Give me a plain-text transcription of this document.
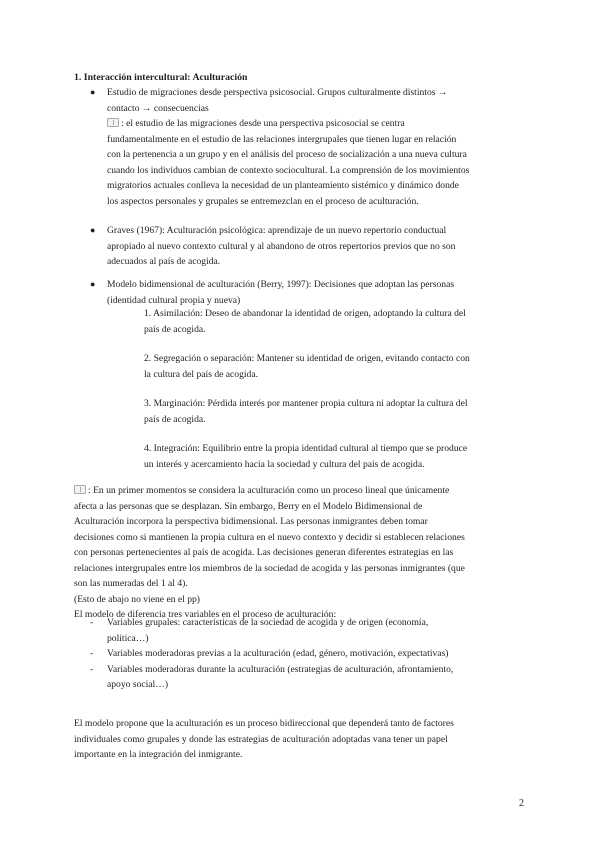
1. Interacción intercultural: Aculturación
● Estudio de migraciones desde perspectiva psicosocial. Grupos culturalmente distintos →
contacto → consecuencias
: el estudio de las migraciones desde una perspectiva psicosocial se centra
fundamentalmente en el estudio de las relaciones intergrupales que tienen lugar en relación
con la pertenencia a un grupo y en el análisis del proceso de socialización a una nueva cultura
cuando los individuos cambian de contexto sociocultural. La comprensión de los movimientos
migratorios actuales conlleva la necesidad de un planteamiento sistémico y dinámico donde
los aspectos personales y grupales se entremezclan en el proceso de aculturación.
● Graves (1967): Aculturación psicológica: aprendizaje de un nuevo repertorio conductual
apropiado al nuevo contexto cultural y al abandono de otros repertorios previos que no son
adecuados al país de acogida.
● Modelo bidimensional de aculturación (Berry, 1997): Decisiones que adoptan las personas
(identidad cultural propia y nueva)

1. Asimilación: Deseo de abandonar la identidad de origen, adoptando la cultura del
país de acogida.

2. Segregación o separación: Mantener su identidad de origen, evitando contacto con
la cultura del país de acogida.

3. Marginación: Pérdida interés por mantener propia cultura ni adoptar la cultura del
país de acogida.

4. Integración: Equilibrio entre la propia identidad cultural al tiempo que se produce
un interés y acercamiento hacia la sociedad y cultura del país de acogida.

: En un primer momentos se considera la aculturación como un proceso lineal que únicamente
afecta a las personas que se desplazan. Sin embargo, Berry en el Modelo Bidimensional de
Aculturación incorpora la perspectiva bidimensional. Las personas inmigrantes deben tomar
decisiones como si mantienen la propia cultura en el nuevo contexto y decidir si establecen relaciones
con personas pertenecientes al país de acogida. Las decisiones generan diferentes estrategias en las
relaciones intergrupales entre los miembros de la sociedad de acogida y las personas inmigrantes (que
son las numeradas del 1 al 4).
(Esto de abajo no viene en el pp)
El modelo de diferencia tres variables en el proceso de aculturación:
- Variables grupales: características de la sociedad de acogida y de origen (economía,
política…)
- Variables moderadoras previas a la aculturación (edad, género, motivación, expectativas)
- Variables moderadoras durante la aculturación (estrategias de aculturación, afrontamiento,
apoyo social…)
El modelo propone que la aculturación es un proceso bidireccional que dependerá tanto de factores
individuales como grupales y donde las estrategias de aculturación adoptadas vana tener un papel
importante en la integración del inmigrante.
2
